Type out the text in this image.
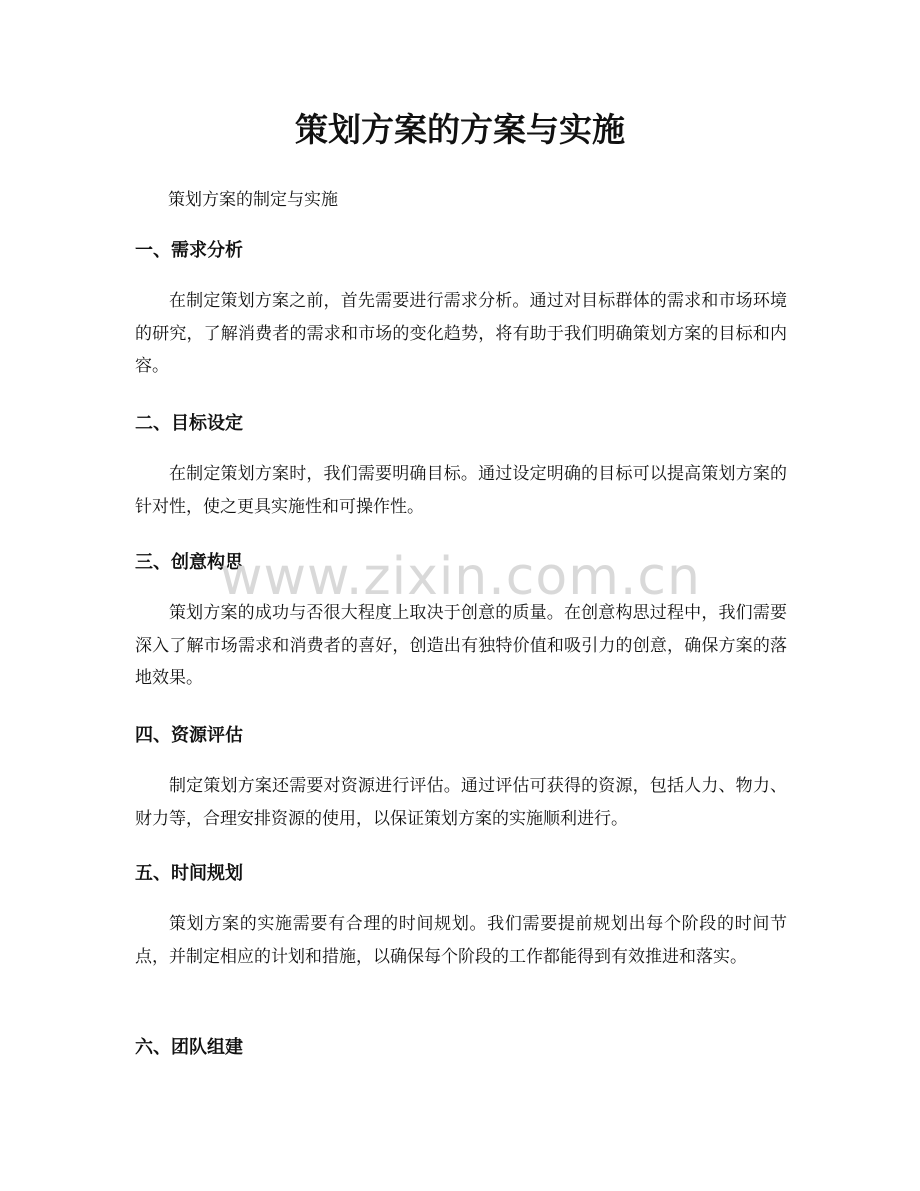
策划方案的方案与实施

策划方案的制定与实施

一、需求分析

在制定策划方案之前，首先需要进行需求分析。通过对目标群体的需求和市场环境的研究，了解消费者的需求和市场的变化趋势，将有助于我们明确策划方案的目标和内容。

二、目标设定

在制定策划方案时，我们需要明确目标。通过设定明确的目标可以提高策划方案的针对性，使之更具实施性和可操作性。

三、创意构思

策划方案的成功与否很大程度上取决于创意的质量。在创意构思过程中，我们需要深入了解市场需求和消费者的喜好，创造出有独特价值和吸引力的创意，确保方案的落地效果。

四、资源评估

制定策划方案还需要对资源进行评估。通过评估可获得的资源，包括人力、物力、财力等，合理安排资源的使用，以保证策划方案的实施顺利进行。

五、时间规划

策划方案的实施需要有合理的时间规划。我们需要提前规划出每个阶段的时间节点，并制定相应的计划和措施，以确保每个阶段的工作都能得到有效推进和落实。

六、团队组建
www.zixin.com.cn
